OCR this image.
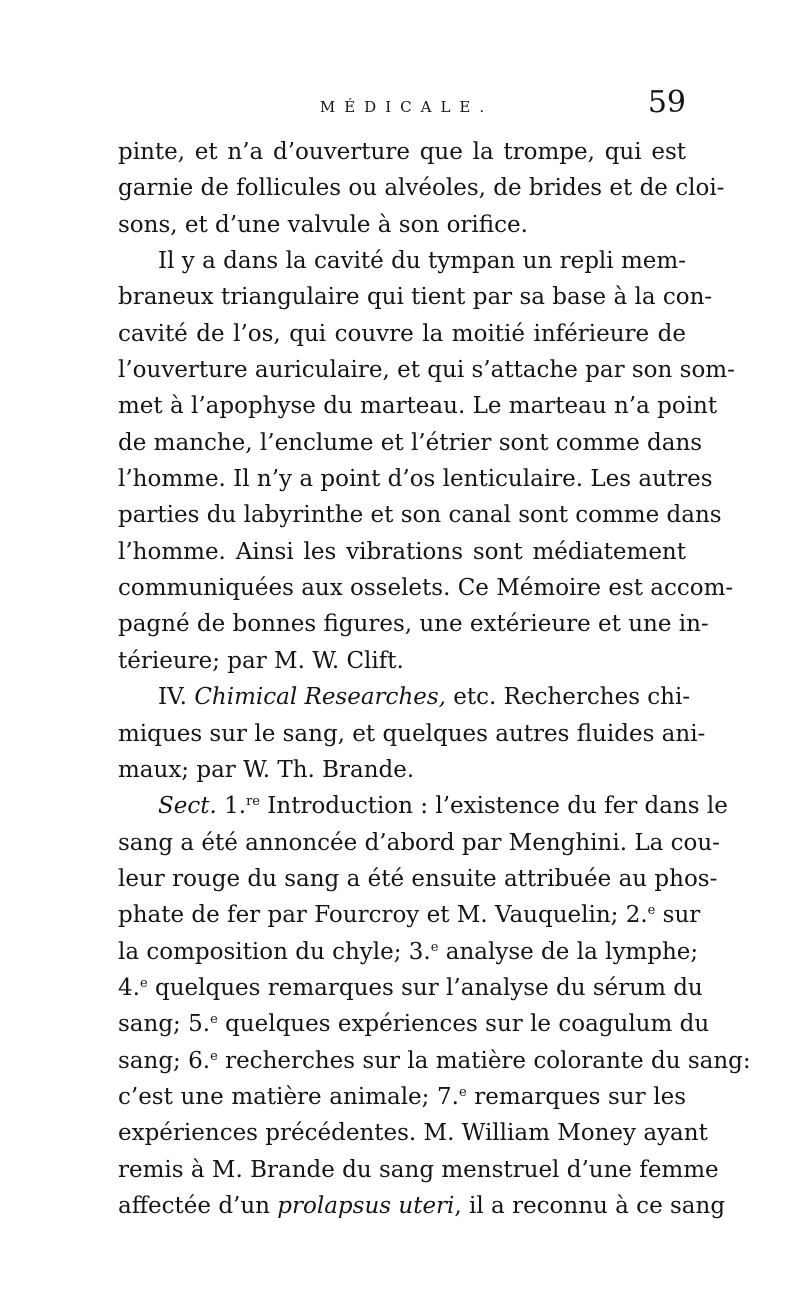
MÉDICALE.	59
pinte, et n’a d’ouverture que la trompe, qui est
garnie de follicules ou alvéoles, de brides et de cloi-
sons, et d’une valvule à son orifice.
Il y a dans la cavité du tympan un repli mem-
braneux triangulaire qui tient par sa base à la con-
cavité de l’os, qui couvre la moitié inférieure de
l’ouverture auriculaire, et qui s’attache par son som-
met à l’apophyse du marteau. Le marteau n’a point
de manche, l’enclume et l’étrier sont comme dans
l’homme. Il n’y a point d’os lenticulaire. Les autres
parties du labyrinthe et son canal sont comme dans
l’homme. Ainsi les vibrations sont médiatement
communiquées aux osselets. Ce Mémoire est accom-
pagné de bonnes figures, une extérieure et une in-
térieure; par M. W. Clift.
IV. Chimical Researches, etc. Recherches chi-
miques sur le sang, et quelques autres fluides ani-
maux; par W. Th. Brande.
Sect. 1.$^{re}$ Introduction : l’existence du fer dans le
sang a été annoncée d’abord par Menghini. La cou-
leur rouge du sang a été ensuite attribuée au phos-
phate de fer par Fourcroy et M. Vauquelin; 2.$^e$ sur
la composition du chyle; 3.$^e$ analyse de la lymphe;
4.$^e$ quelques remarques sur l’analyse du sérum du
sang; 5.$^e$ quelques expériences sur le coagulum du
sang; 6.$^e$ recherches sur la matière colorante du sang:
c’est une matière animale; 7.$^e$ remarques sur les
expériences précédentes. M. William Money ayant
remis à M. Brande du sang menstruel d’une femme
affectée d’un prolapsus uteri, il a reconnu à ce sang
